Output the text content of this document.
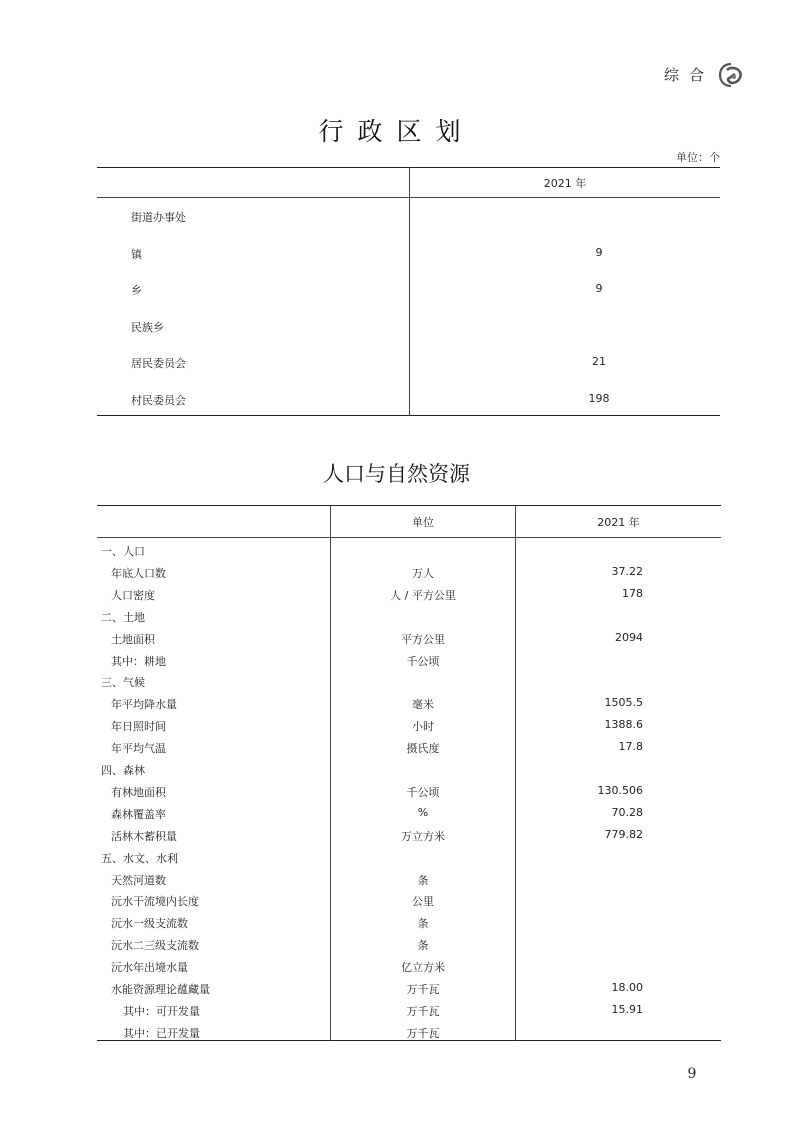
综合
行政区划
单位：个
2021 年
街道办事处
镇	9
乡	9
民族乡
居民委员会	21
村民委员会	198
人口与自然资源
单位	2021 年
一、人口
年底人口数	万人	37.22
人口密度	人 / 平方公里	178
二、土地
土地面积	平方公里	2094
其中：耕地	千公顷
三、气候
年平均降水量	毫米	1505.5
年日照时间	小时	1388.6
年平均气温	摄氏度	17.8
四、森林
有林地面积	千公顷	130.506
森林覆盖率	%	70.28
活林木蓄积量	万立方米	779.82
五、水文、水利
天然河道数	条
沅水干流境内长度	公里
沅水一级支流数	条
沅水二三级支流数	条
沅水年出境水量	亿立方米
水能资源理论蕴藏量	万千瓦	18.00
其中：可开发量	万千瓦	15.91
其中：已开发量	万千瓦
9
